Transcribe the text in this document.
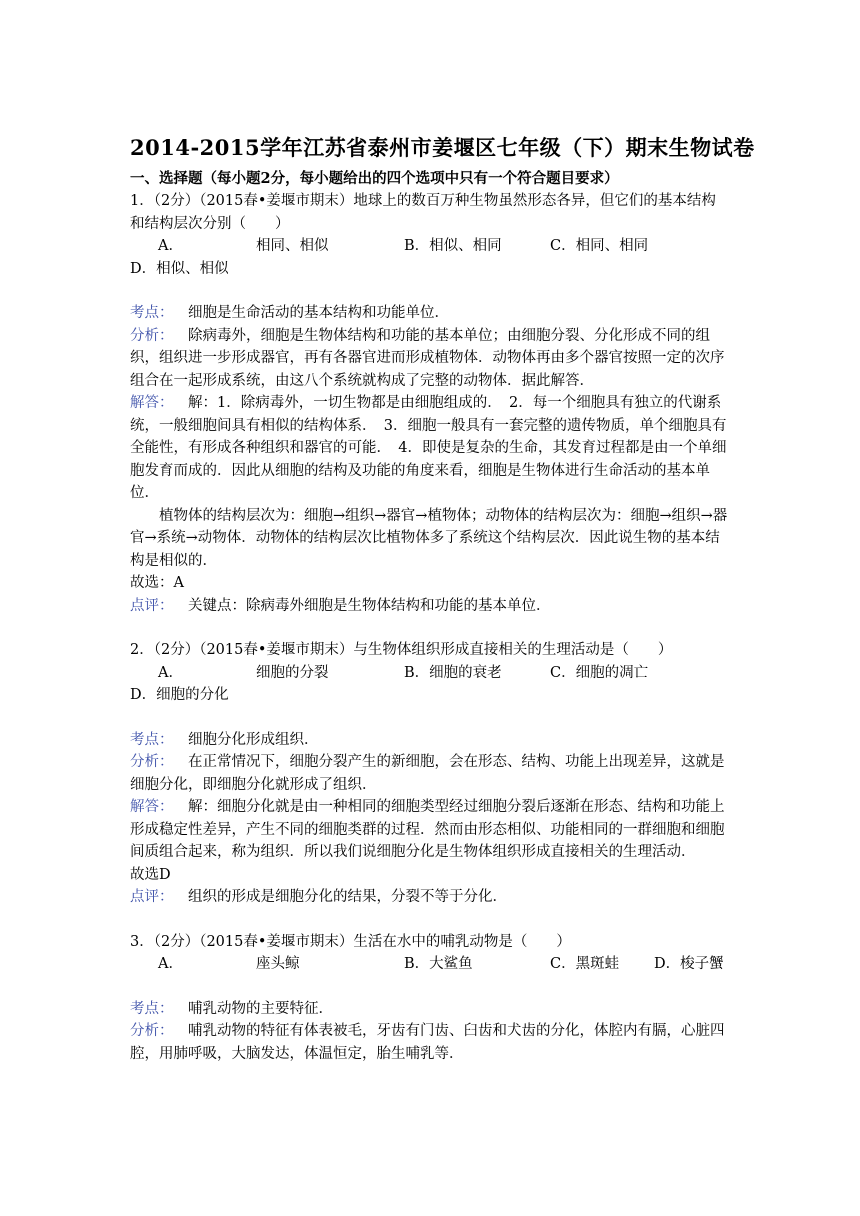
2014-2015学年江苏省泰州市姜堰区七年级（下）期末生物试卷
一、选择题（每小题2分，每小题给出的四个选项中只有一个符合题目要求）

1．（2分）（2015春•姜堰市期末）地球上的数百万种生物虽然形态各异，但它们的基本结构和结构层次分别（　　）

A．	相同、相似	B．相似、相同	C．相同、相同

D．相似、相似

考点： 细胞是生命活动的基本结构和功能单位．

分析： 除病毒外，细胞是生物体结构和功能的基本单位；由细胞分裂、分化形成不同的组织，组织进一步形成器官，再有各器官进而形成植物体．动物体再由多个器官按照一定的次序组合在一起形成系统，由这八个系统就构成了完整的动物体．据此解答．

解答： 解：1．除病毒外，一切生物都是由细胞组成的．　2．每一个细胞具有独立的代谢系统，一般细胞间具有相似的结构体系．　3．细胞一般具有一套完整的遗传物质，单个细胞具有全能性，有形成各种组织和器官的可能．　4．即使是复杂的生命，其发育过程都是由一个单细胞发育而成的．因此从细胞的结构及功能的角度来看，细胞是生物体进行生命活动的基本单位．

植物体的结构层次为：细胞→组织→器官→植物体；动物体的结构层次为：细胞→组织→器官→系统→动物体．动物体的结构层次比植物体多了系统这个结构层次．因此说生物的基本结构是相似的．

故选：A

点评： 关键点：除病毒外细胞是生物体结构和功能的基本单位．

2．（2分）（2015春•姜堰市期末）与生物体组织形成直接相关的生理活动是（　　）

A．	细胞的分裂	B．细胞的衰老	C．细胞的凋亡

D．细胞的分化

考点： 细胞分化形成组织．

分析： 在正常情况下，细胞分裂产生的新细胞，会在形态、结构、功能上出现差异，这就是细胞分化，即细胞分化就形成了组织．

解答： 解：细胞分化就是由一种相同的细胞类型经过细胞分裂后逐渐在形态、结构和功能上形成稳定性差异，产生不同的细胞类群的过程．然而由形态相似、功能相同的一群细胞和细胞间质组合起来，称为组织．所以我们说细胞分化是生物体组织形成直接相关的生理活动．

故选D

点评： 组织的形成是细胞分化的结果，分裂不等于分化．

3．（2分）（2015春•姜堰市期末）生活在水中的哺乳动物是（　　）

A．	座头鲸	B．大鲨鱼	C．黑斑蛙	D．梭子蟹

考点： 哺乳动物的主要特征．

分析： 哺乳动物的特征有体表被毛，牙齿有门齿、臼齿和犬齿的分化，体腔内有膈，心脏四腔，用肺呼吸，大脑发达，体温恒定，胎生哺乳等．
